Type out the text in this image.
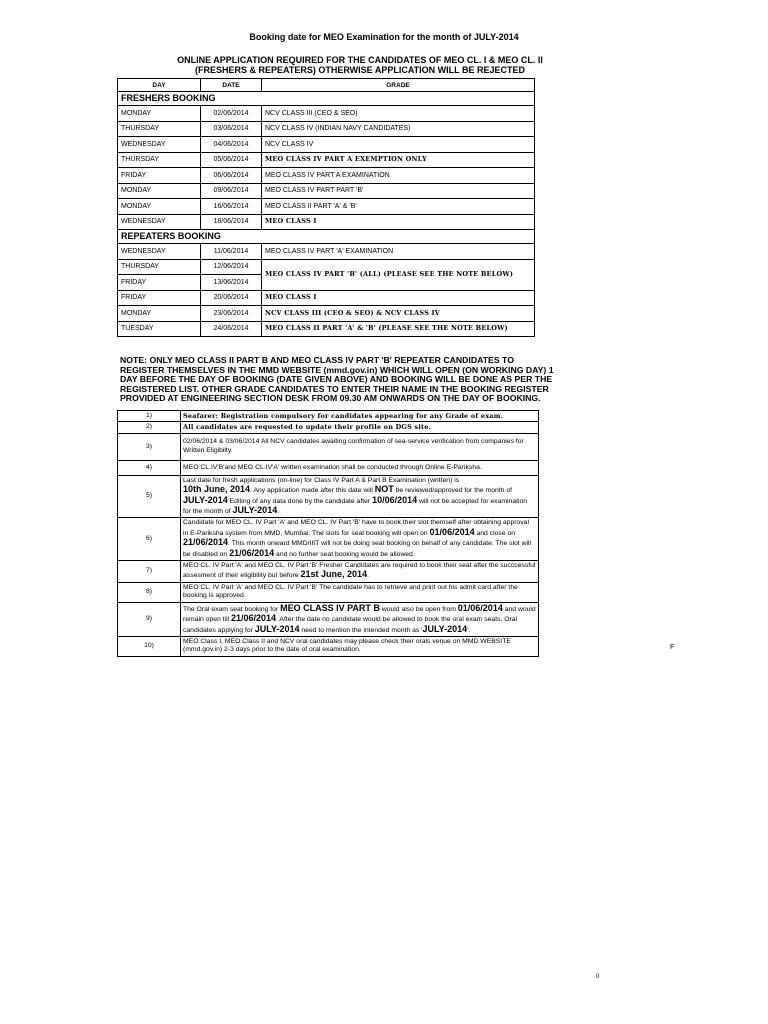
Booking date for MEO Examination for the month of JULY-2014
ONLINE APPLICATION REQUIRED FOR THE CANDIDATES OF MEO CL. I & MEO CL. II
(FRESHERS & REPEATERS) OTHERWISE APPLICATION WILL BE REJECTED
DAY	DATE	GRADE
FRESHERS BOOKING		
MONDAY	02/06/2014	NCV CLASS III (CEO & SEO)
THURSDAY	03/06/2014	NCV CLASS IV (INDIAN NAVY CANDIDATES)
WEDNESDAY	04/06/2014	NCV CLASS IV
THURSDAY	05/06/2014	MEO CLASS IV PART A EXEMPTION ONLY
FRIDAY	06/06/2014	MEO CLASS IV PART A EXAMINATION
MONDAY	09/06/2014	MEO CLASS IV PART PART 'B'
MONDAY	16/06/2014	MEO CLASS II PART 'A' & 'B'
WEDNESDAY	18/06/2014	MEO CLASS I
REPEATERS BOOKING		
WEDNESDAY	11/06/2014	MEO CLASS IV PART 'A' EXAMINATION
THURSDAY	12/06/2014	MEO CLASS IV PART 'B' (ALL) (PLEASE SEE THE NOTE BELOW)
FRIDAY	13/06/2014	
FRIDAY	20/06/2014	MEO CLASS I
MONDAY	23/06/2014	NCV CLASS III (CEO & SEO) & NCV CLASS IV
TUESDAY	24/06/2014	MEO CLASS II PART 'A' & 'B' (PLEASE SEE THE NOTE BELOW)
NOTE: ONLY MEO CLASS II PART B AND MEO CLASS IV PART 'B' REPEATER CANDIDATES TO REGISTER THEMSELVES IN THE MMD WEBSITE (mmd.gov.in) WHICH WILL OPEN (ON WORKING DAY) 1 DAY BEFORE THE DAY OF BOOKING (DATE GIVEN ABOVE) AND BOOKING WILL BE DONE AS PER THE REGISTERED LIST. OTHER GRADE CANDIDATES TO ENTER THEIR NAME IN THE BOOKING REGISTER PROVIDED AT ENGINEERING SECTION DESK FROM 09.30 AM ONWARDS ON THE DAY OF BOOKING.
1)	Seafarer: Registration compulsory for candidates appearing for any Grade of exam.
2)	All candidates are requested to update their profile on DGS site.
3)	02/06/2014 & 03/06/2014 All NCV candidates awaiting confirmation of sea-service verification from companies for Written Eligibilty.
4)	MEO CL.IV'B'and MEO CL.IV'A' written examination shall be conducted through Online E-Pariksha.
5)	Last date for fresh applications (on-line) for Class IV Part A & Part B Examination (written) is
10th June, 2014. Any application made after this date will NOT be reviewed/approved for the month of JULY-2014 Editing of any data done by the candidate after 10/06/2014 will not be accepted for examination for the month of JULY-2014.
6)	Candidate for MEO CL. IV Part 'A' and MEO CL. IV Part 'B' have to book their slot themself after obtaining approval in E-Pariksha system from MMD, Mumbai. The slots for seat booking will open on 01/06/2014 and close on 21/06/2014. This month onward MMD/IIIT will not be doing seat booking on behalf of any candidate. The slot will be disabled on 21/06/2014 and no further seat booking would be allowed.
7)	MEO CL. IV Part 'A' and MEO CL. IV Part 'B' Fresher Candidates are required to book their seat after the succcessful assesment of their eligibility but before 21st June, 2014.
8)	MEO CL. IV Part 'A' and MEO CL. IV Part 'B' The candidate has to retrieve and print out his admit card after the booking is approved.
9)	The Oral exam seat booking for MEO CLASS IV PART B would also be open from 01/06/2014 and would remain open till 21/06/2014. After the date no candidate would be allowed to book the oral exam seats. Oral candidates applying for JULY-2014 need to mention the intended month as 'JULY-2014'.
10)	MEO Class I, MEO Class II and NCV oral candidates may please check their orals venue on MMD WEBSITE (mmd.gov.in) 2-3 days prior to the date of oral examination.	F
0
